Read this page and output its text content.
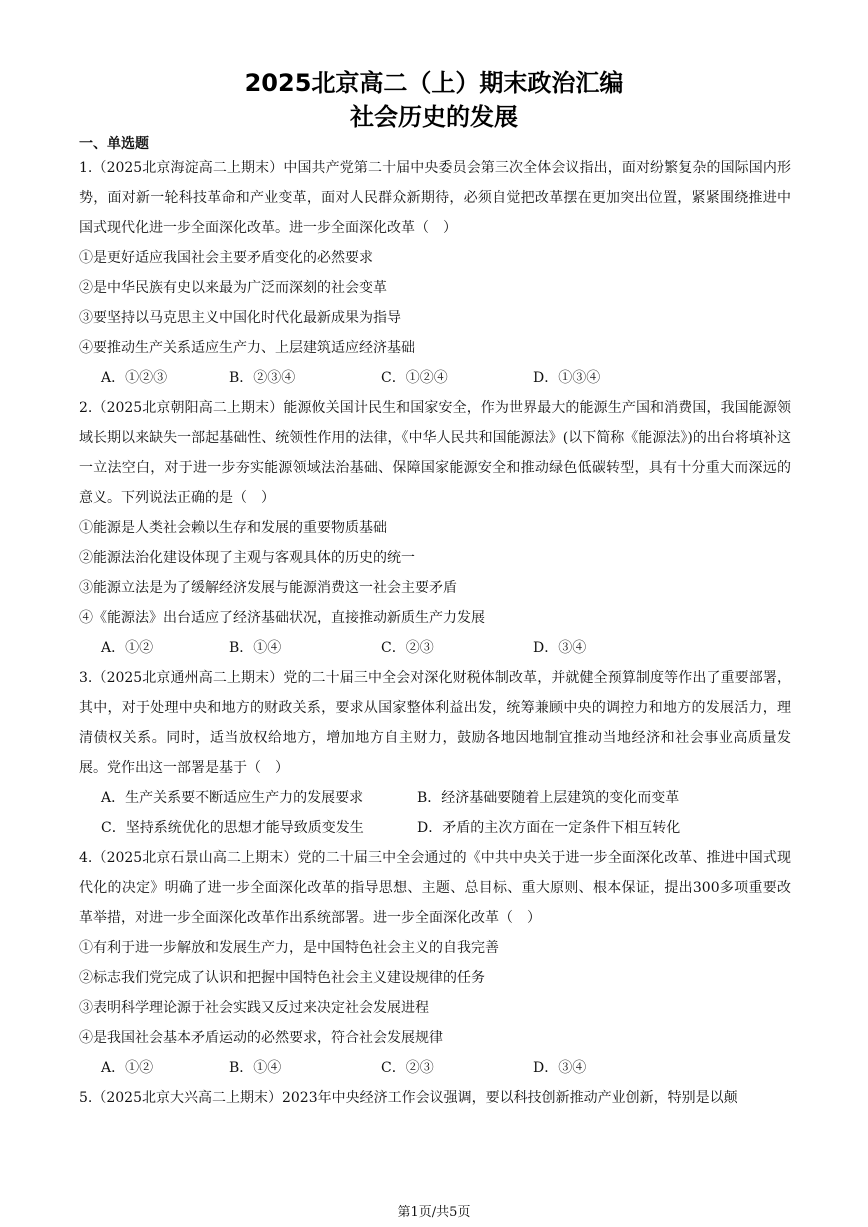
2025北京高二（上）期末政治汇编
社会历史的发展
一、单选题

1.（2025北京海淀高二上期末）中国共产党第二十届中央委员会第三次全体会议指出，面对纷繁复杂的国际国内形势，面对新一轮科技革命和产业变革，面对人民群众新期待，必须自觉把改革摆在更加突出位置，紧紧围绕推进中国式现代化进一步全面深化改革。进一步全面深化改革（　）

①是更好适应我国社会主要矛盾变化的必然要求

②是中华民族有史以来最为广泛而深刻的社会变革

③要坚持以马克思主义中国化时代化最新成果为指导

④要推动生产关系适应生产力、上层建筑适应经济基础

A．①②③	B．②③④	C．①②④	D．①③④

2.（2025北京朝阳高二上期末）能源攸关国计民生和国家安全，作为世界最大的能源生产国和消费国，我国能源领域长期以来缺失一部起基础性、统领性作用的法律，《中华人民共和国能源法》(以下简称《能源法》)的出台将填补这一立法空白，对于进一步夯实能源领域法治基础、保障国家能源安全和推动绿色低碳转型，具有十分重大而深远的意义。下列说法正确的是（　）

①能源是人类社会赖以生存和发展的重要物质基础

②能源法治化建设体现了主观与客观具体的历史的统一

③能源立法是为了缓解经济发展与能源消费这一社会主要矛盾

④《能源法》出台适应了经济基础状况，直接推动新质生产力发展

A．①②	B．①④	C．②③	D．③④

3.（2025北京通州高二上期末）党的二十届三中全会对深化财税体制改革，并就健全预算制度等作出了重要部署，其中，对于处理中央和地方的财政关系，要求从国家整体利益出发，统筹兼顾中央的调控力和地方的发展活力，理清债权关系。同时，适当放权给地方，增加地方自主财力，鼓励各地因地制宜推动当地经济和社会事业高质量发展。党作出这一部署是基于（　）

A．生产关系要不断适应生产力的发展要求	B．经济基础要随着上层建筑的变化而变革
C．坚持系统优化的思想才能导致质变发生	D．矛盾的主次方面在一定条件下相互转化

4.（2025北京石景山高二上期末）党的二十届三中全会通过的《中共中央关于进一步全面深化改革、推进中国式现代化的决定》明确了进一步全面深化改革的指导思想、主题、总目标、重大原则、根本保证，提出300多项重要改革举措，对进一步全面深化改革作出系统部署。进一步全面深化改革（　）

①有利于进一步解放和发展生产力，是中国特色社会主义的自我完善

②标志我们党完成了认识和把握中国特色社会主义建设规律的任务

③表明科学理论源于社会实践又反过来决定社会发展进程

④是我国社会基本矛盾运动的必然要求，符合社会发展规律

A．①②	B．①④	C．②③	D．③④

5.（2025北京大兴高二上期末）2023年中央经济工作会议强调，要以科技创新推动产业创新，特别是以颠

第1页/共5页
